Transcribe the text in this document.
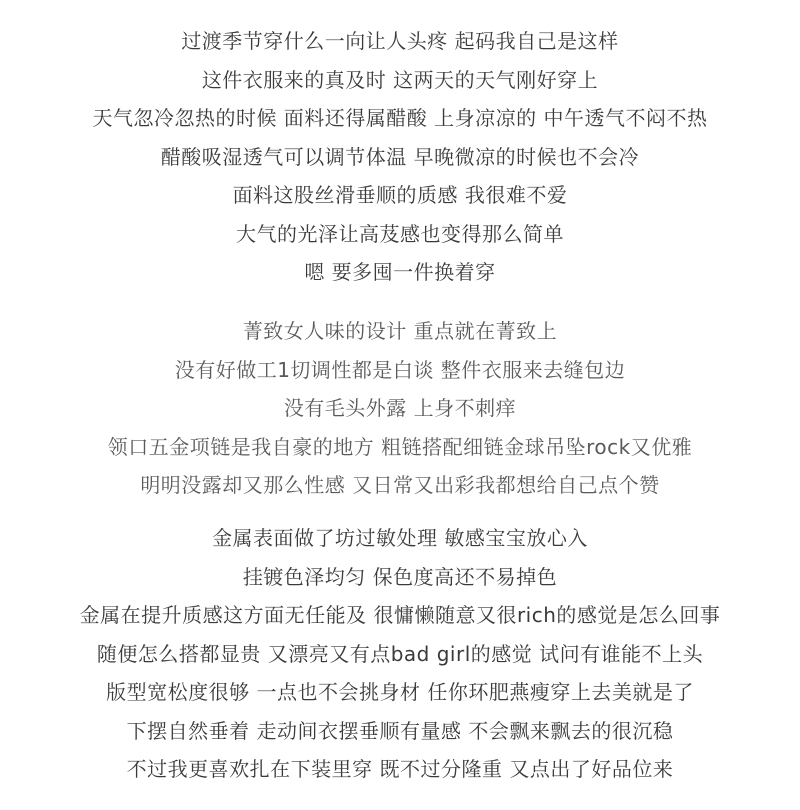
过渡季节穿什么一向让人头疼 起码我自己是这样
这件衣服来的真及时 这两天的天气刚好穿上
天气忽冷忽热的时候 面料还得属醋酸 上身凉凉的 中午透气不闷不热
醋酸吸湿透气可以调节体温 早晚微凉的时候也不会冷
面料这股丝滑垂顺的质感 我很难不爱
大气的光泽让高芨感也变得那么简单
嗯 要多囤一件换着穿
菁致女人味的设计 重点就在菁致上
没有好做工1切调性都是白谈 整件衣服来去缝包边
没有毛头外露 上身不刺痒
领口五金项链是我自豪的地方 粗链搭配细链金球吊坠rock又优雅
明明没露却又那么性感 又日常又出彩我都想给自己点个赞
金属表面做了坊过敏处理 敏感宝宝放心入
挂镀色泽均匀 保色度高还不易掉色
金属在提升质感这方面无任能及 很慵懒随意又很rich的感觉是怎么回事
随便怎么搭都显贵 又漂亮又有点bad girl的感觉 试问有谁能不上头
版型宽松度很够 一点也不会挑身材 任你环肥燕瘦穿上去美就是了
下摆自然垂着 走动间衣摆垂顺有量感 不会飘来飘去的很沉稳
不过我更喜欢扎在下装里穿 既不过分隆重 又点出了好品位来
